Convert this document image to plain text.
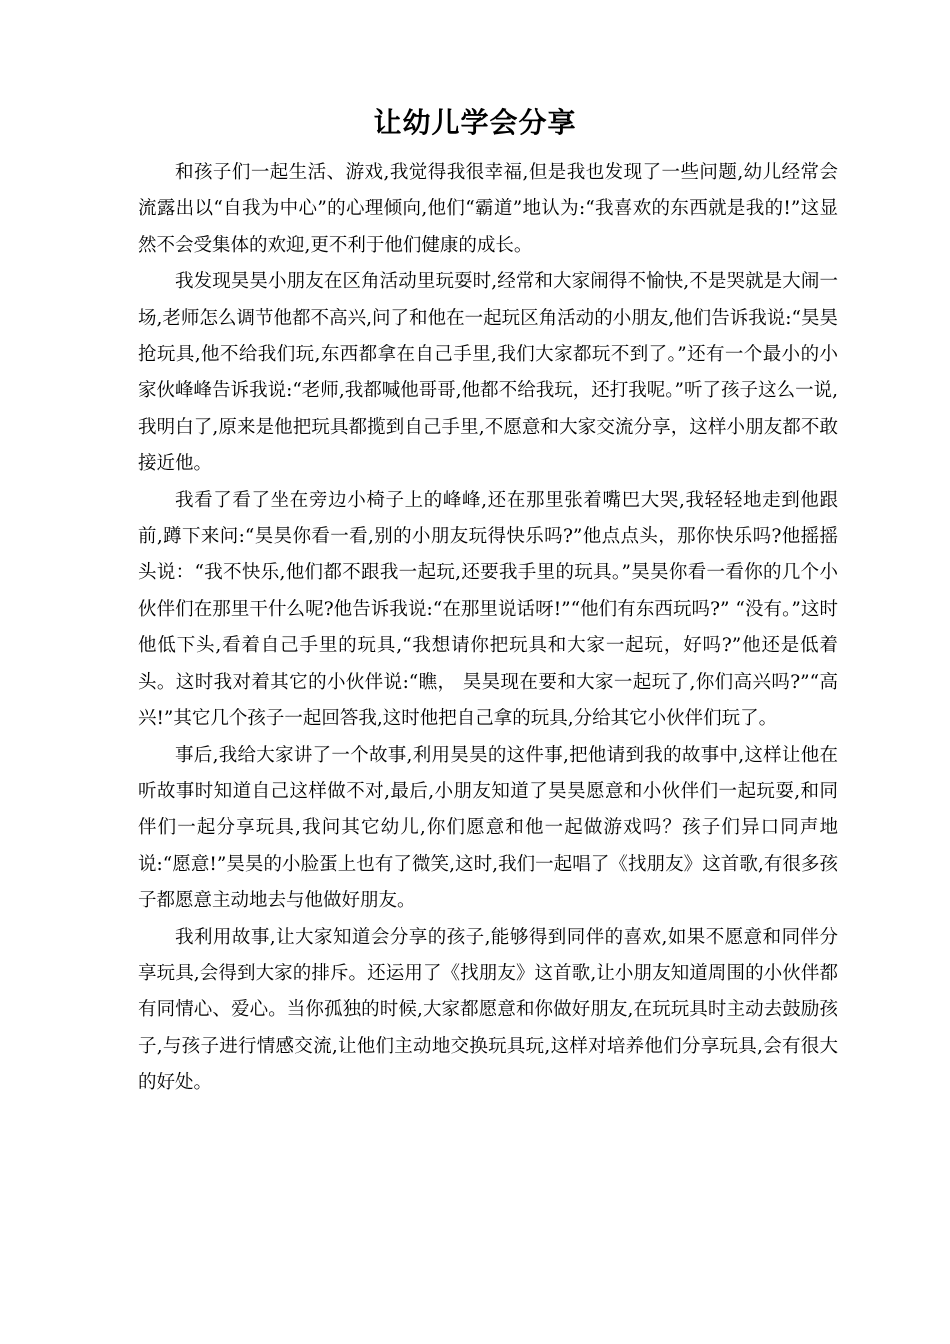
让幼儿学会分享

和孩子们一起生活、游戏,我觉得我很幸福,但是我也发现了一些问题,幼儿经常会流露出以“自我为中心”的心理倾向,他们“霸道”地认为:“我喜欢的东西就是我的!”这显然不会受集体的欢迎,更不利于他们健康的成长。

我发现昊昊小朋友在区角活动里玩耍时,经常和大家闹得不愉快,不是哭就是大闹一场,老师怎么调节他都不高兴,问了和他在一起玩区角活动的小朋友,他们告诉我说:“昊昊抢玩具,他不给我们玩,东西都拿在自己手里,我们大家都玩不到了。”还有一个最小的小家伙峰峰告诉我说:“老师,我都喊他哥哥,他都不给我玩，还打我呢。”听了孩子这么一说,我明白了,原来是他把玩具都揽到自己手里,不愿意和大家交流分享，这样小朋友都不敢接近他。

我看了看了坐在旁边小椅子上的峰峰,还在那里张着嘴巴大哭,我轻轻地走到他跟前,蹲下来问:“昊昊你看一看,别的小朋友玩得快乐吗?”他点点头，那你快乐吗?他摇摇头说：“我不快乐,他们都不跟我一起玩,还要我手里的玩具。”昊昊你看一看你的几个小伙伴们在那里干什么呢?他告诉我说:“在那里说话呀!”“他们有东西玩吗?” “没有。”这时他低下头,看着自己手里的玩具,“我想请你把玩具和大家一起玩，好吗?”他还是低着头。这时我对着其它的小伙伴说:“瞧， 昊昊现在要和大家一起玩了,你们高兴吗?”“高兴!”其它几个孩子一起回答我,这时他把自己拿的玩具,分给其它小伙伴们玩了。

事后,我给大家讲了一个故事,利用昊昊的这件事,把他请到我的故事中,这样让他在听故事时知道自己这样做不对,最后,小朋友知道了昊昊愿意和小伙伴们一起玩耍,和同伴们一起分享玩具,我问其它幼儿,你们愿意和他一起做游戏吗？孩子们异口同声地说:“愿意!”昊昊的小脸蛋上也有了微笑,这时,我们一起唱了《找朋友》这首歌,有很多孩子都愿意主动地去与他做好朋友。

我利用故事,让大家知道会分享的孩子,能够得到同伴的喜欢,如果不愿意和同伴分享玩具,会得到大家的排斥。还运用了《找朋友》这首歌,让小朋友知道周围的小伙伴都有同情心、爱心。当你孤独的时候,大家都愿意和你做好朋友,在玩玩具时主动去鼓励孩子,与孩子进行情感交流,让他们主动地交换玩具玩,这样对培养他们分享玩具,会有很大的好处。
